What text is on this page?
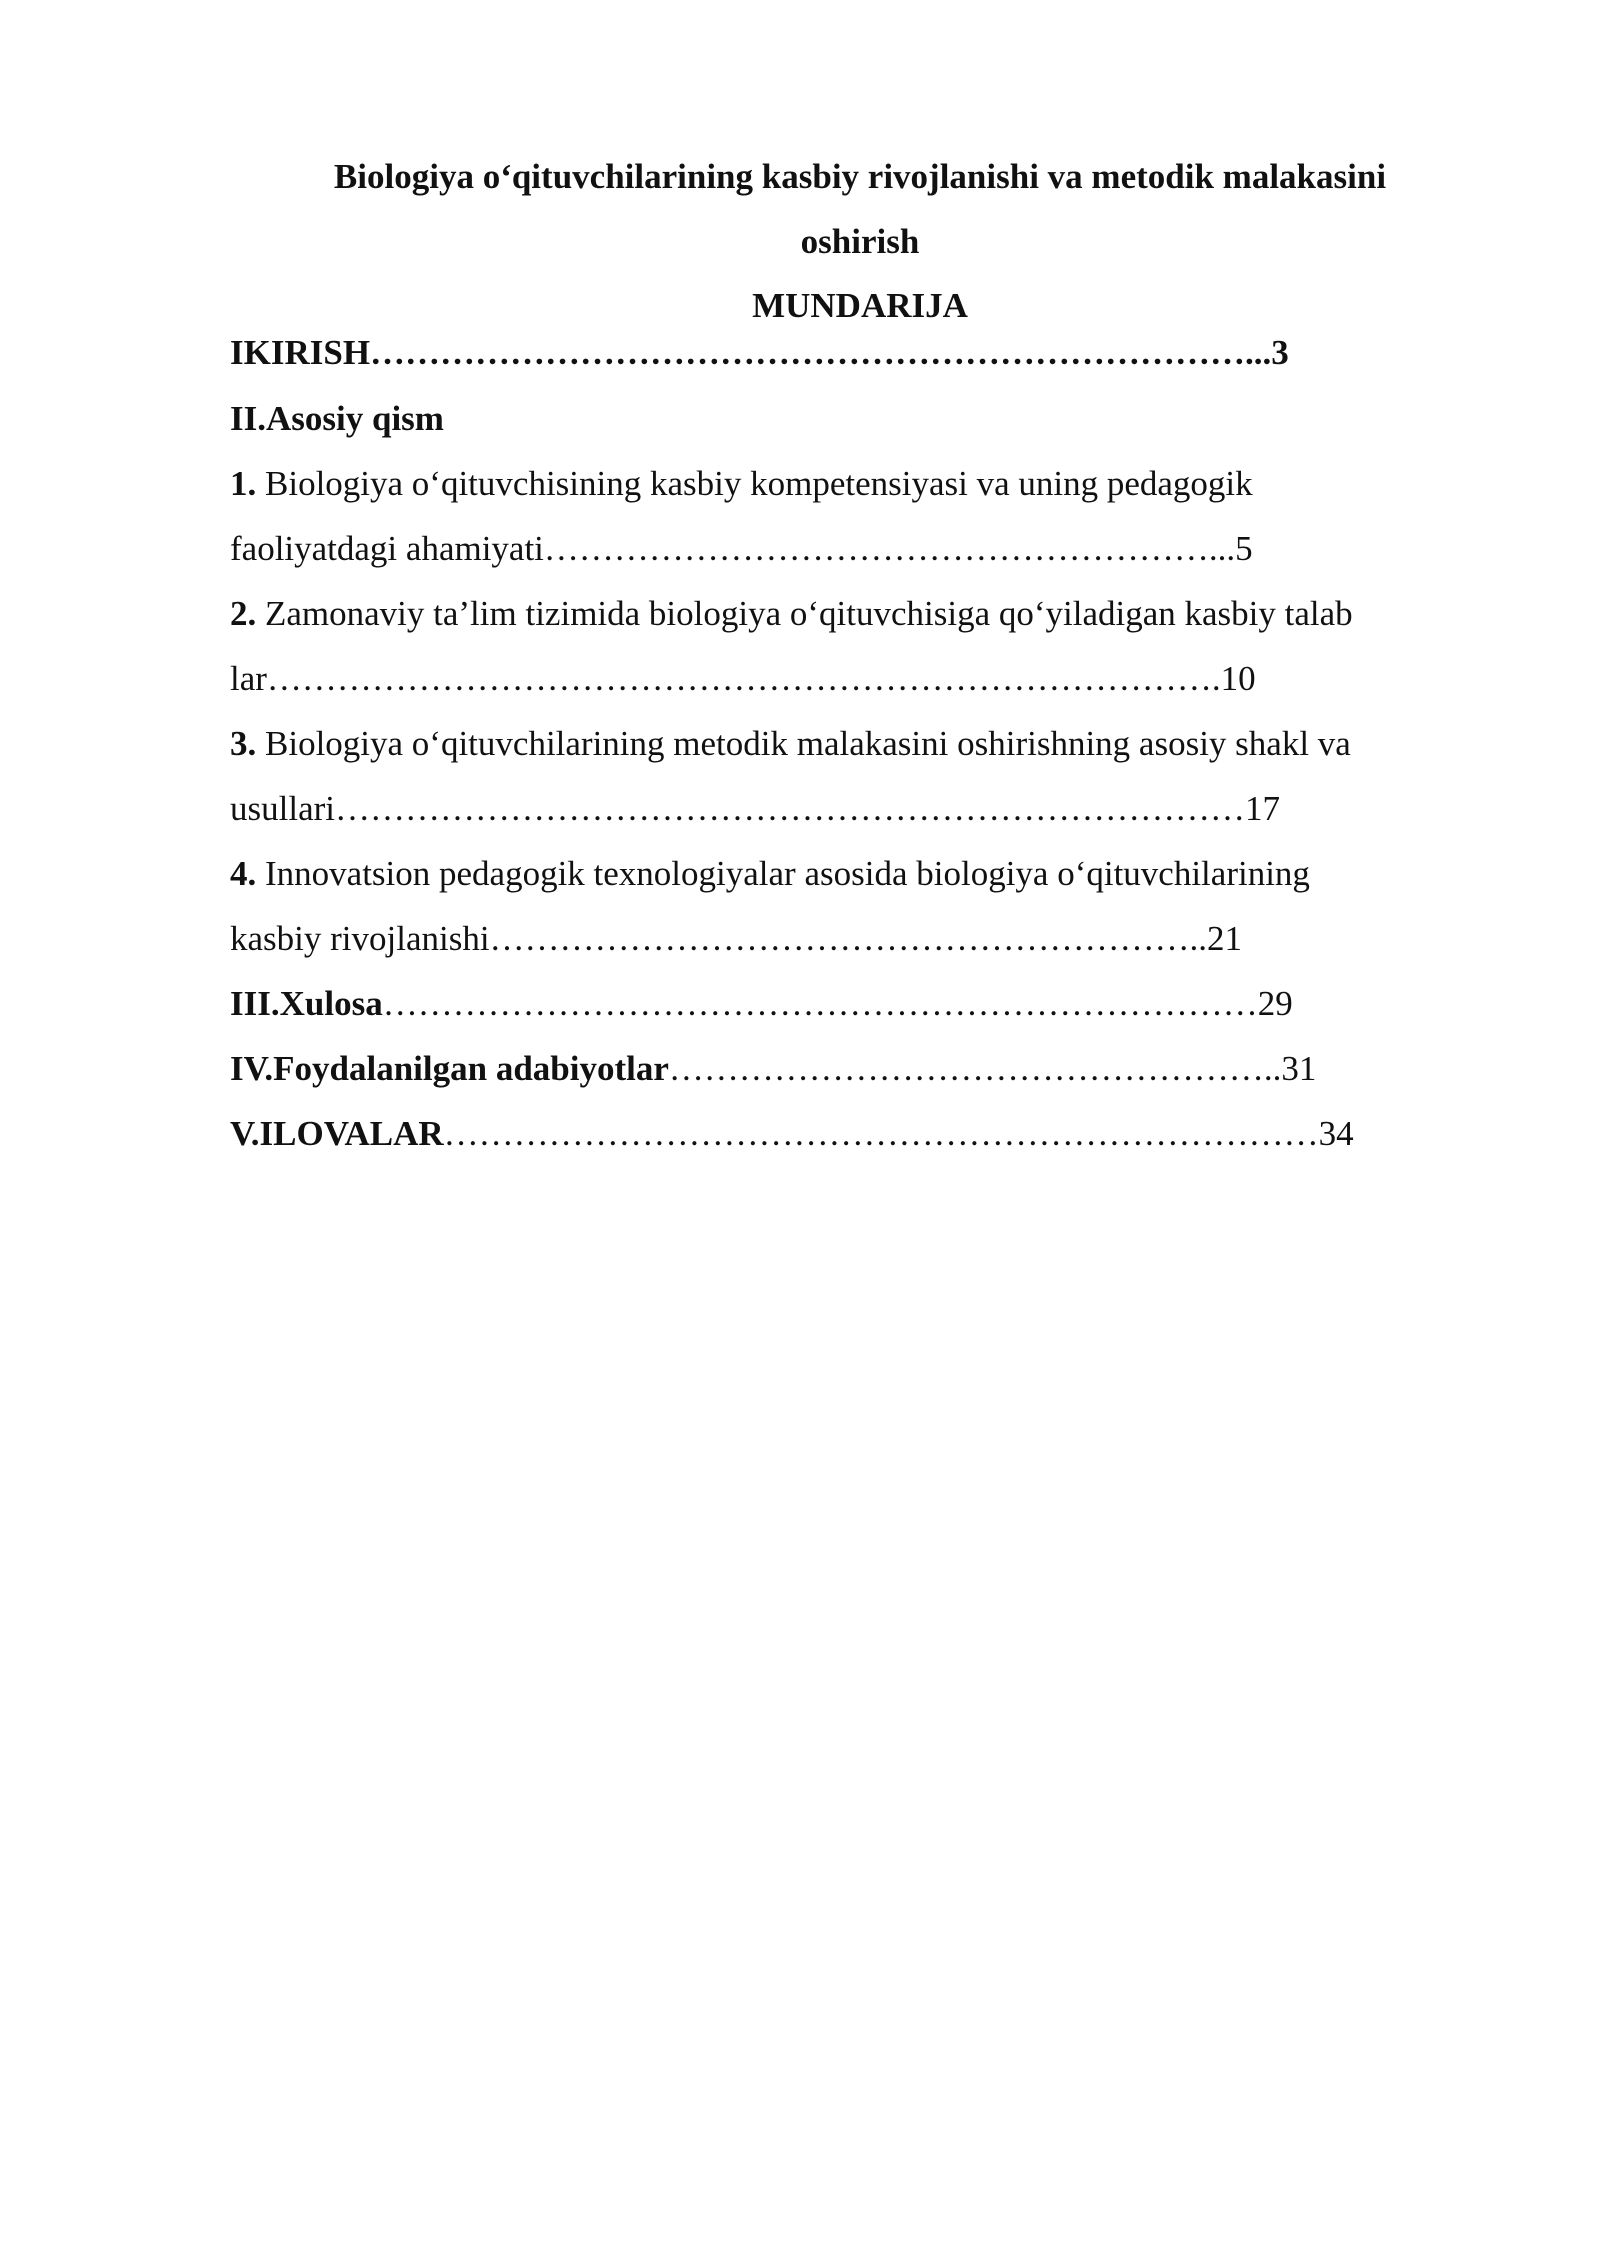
Biologiya o‘qituvchilarining kasbiy rivojlanishi va metodik malakasini
oshirish
MUNDARIJA
IKIRISH…………………………………………………………………...3
II.Asosiy qism
1. Biologiya o‘qituvchisining kasbiy kompetensiyasi va uning pedagogik
faoliyatdagi ahamiyati…………………………………………………...5
2. Zamonaviy ta’lim tizimida biologiya o‘qituvchisiga qo‘yiladigan kasbiy talab
lar……………………………………………………………………….10
3. Biologiya o‘qituvchilarining metodik malakasini oshirishning asosiy shakl va
usullari……………………………………………………………………17
4. Innovatsion pedagogik texnologiyalar asosida biologiya o‘qituvchilarining
kasbiy rivojlanishi……………………………………………………..21
III.Xulosa…………………………………………………………………29
IV.Foydalanilgan adabiyotlar……………………………………………..31
V.ILOVALAR…………………………………………………………………34
